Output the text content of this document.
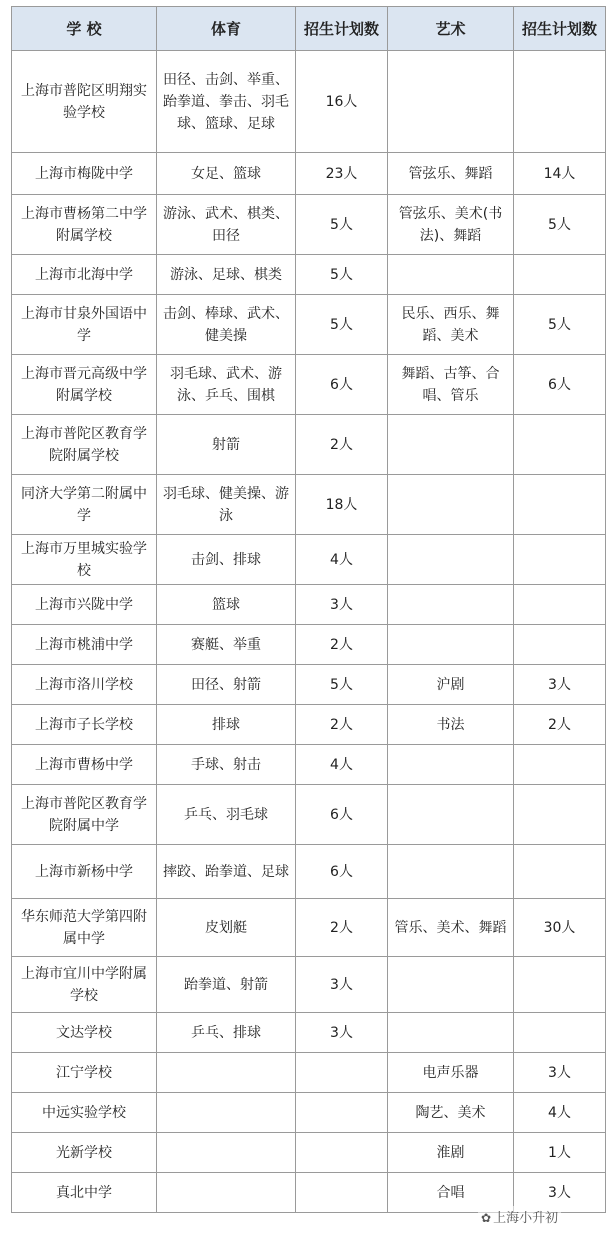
学 校	体育	招生计划数	艺术	招生计划数
上海市普陀区明翔实验学校	田径、击剑、举重、跆拳道、拳击、羽毛球、篮球、足球	16人		
上海市梅陇中学	女足、篮球	23人	管弦乐、舞蹈	14人
上海市曹杨第二中学附属学校	游泳、武术、棋类、田径	5人	管弦乐、美术(书法)、舞蹈	5人
上海市北海中学	游泳、足球、棋类	5人		
上海市甘泉外国语中学	击剑、棒球、武术、健美操	5人	民乐、西乐、舞蹈、美术	5人
上海市晋元高级中学附属学校	羽毛球、武术、游泳、乒乓、围棋	6人	舞蹈、古筝、合唱、管乐	6人
上海市普陀区教育学院附属学校	射箭	2人		
同济大学第二附属中学	羽毛球、健美操、游泳	18人		
上海市万里城实验学校	击剑、排球	4人		
上海市兴陇中学	篮球	3人		
上海市桃浦中学	赛艇、举重	2人		
上海市洛川学校	田径、射箭	5人	沪剧	3人
上海市子长学校	排球	2人	书法	2人
上海市曹杨中学	手球、射击	4人		
上海市普陀区教育学院附属中学	乒乓、羽毛球	6人		
上海市新杨中学	摔跤、跆拳道、足球	6人		
华东师范大学第四附属中学	皮划艇	2人	管乐、美术、舞蹈	30人
上海市宜川中学附属学校	跆拳道、射箭	3人		
文达学校	乒乓、排球	3人		
江宁学校			电声乐器	3人
中远实验学校			陶艺、美术	4人
光新学校			淮剧	1人
真北中学			合唱	3人
✿ 上海小升初
